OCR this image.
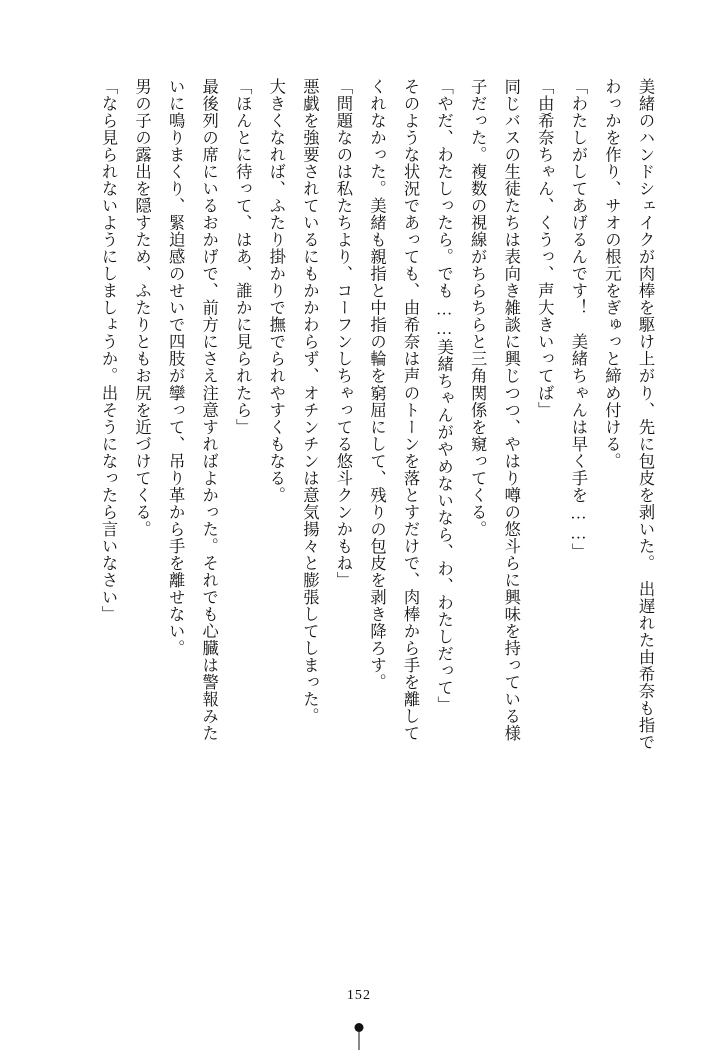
美緒のハンドシェイクが肉棒を駆け上がり、先に包皮を剥いた。　出遅れた由希奈も指で

わっかを作り、サオの根元をぎゅっと締め付ける。

「わたしがしてあげるんです！　美緒ちゃんは早く手を……」

「由希奈ちゃん、くうっ、声大きいってば」

同じバスの生徒たちは表向き雑談に興じつつ、やはり噂の悠斗らに興味を持っている様

子だった。複数の視線がちらちらと三角関係を窺ってくる。

「やだ、わたしったら。でも……美緒ちゃんがやめないなら、わ、わたしだって」

そのような状況であっても、由希奈は声のトーンを落とすだけで、肉棒から手を離して

くれなかった。美緒も親指と中指の輪を窮屈にして、残りの包皮を剥き降ろす。

「問題なのは私たちより、コーフンしちゃってる悠斗クンかもね」

悪戯を強要されているにもかかわらず、オチンチンは意気揚々と膨張してしまった。

大きくなれば、ふたり掛かりで撫でられやすくもなる。

「ほんとに待って、はあ、誰かに見られたら」

最後列の席にいるおかげで、前方にさえ注意すればよかった。それでも心臓は警報みた

いに鳴りまくり、緊迫感のせいで四肢が攣って、吊り革から手を離せない。

男の子の露出を隠すため、ふたりともお尻を近づけてくる。

「なら見られないようにしましょうか。出そうになったら言いなさい」

152
